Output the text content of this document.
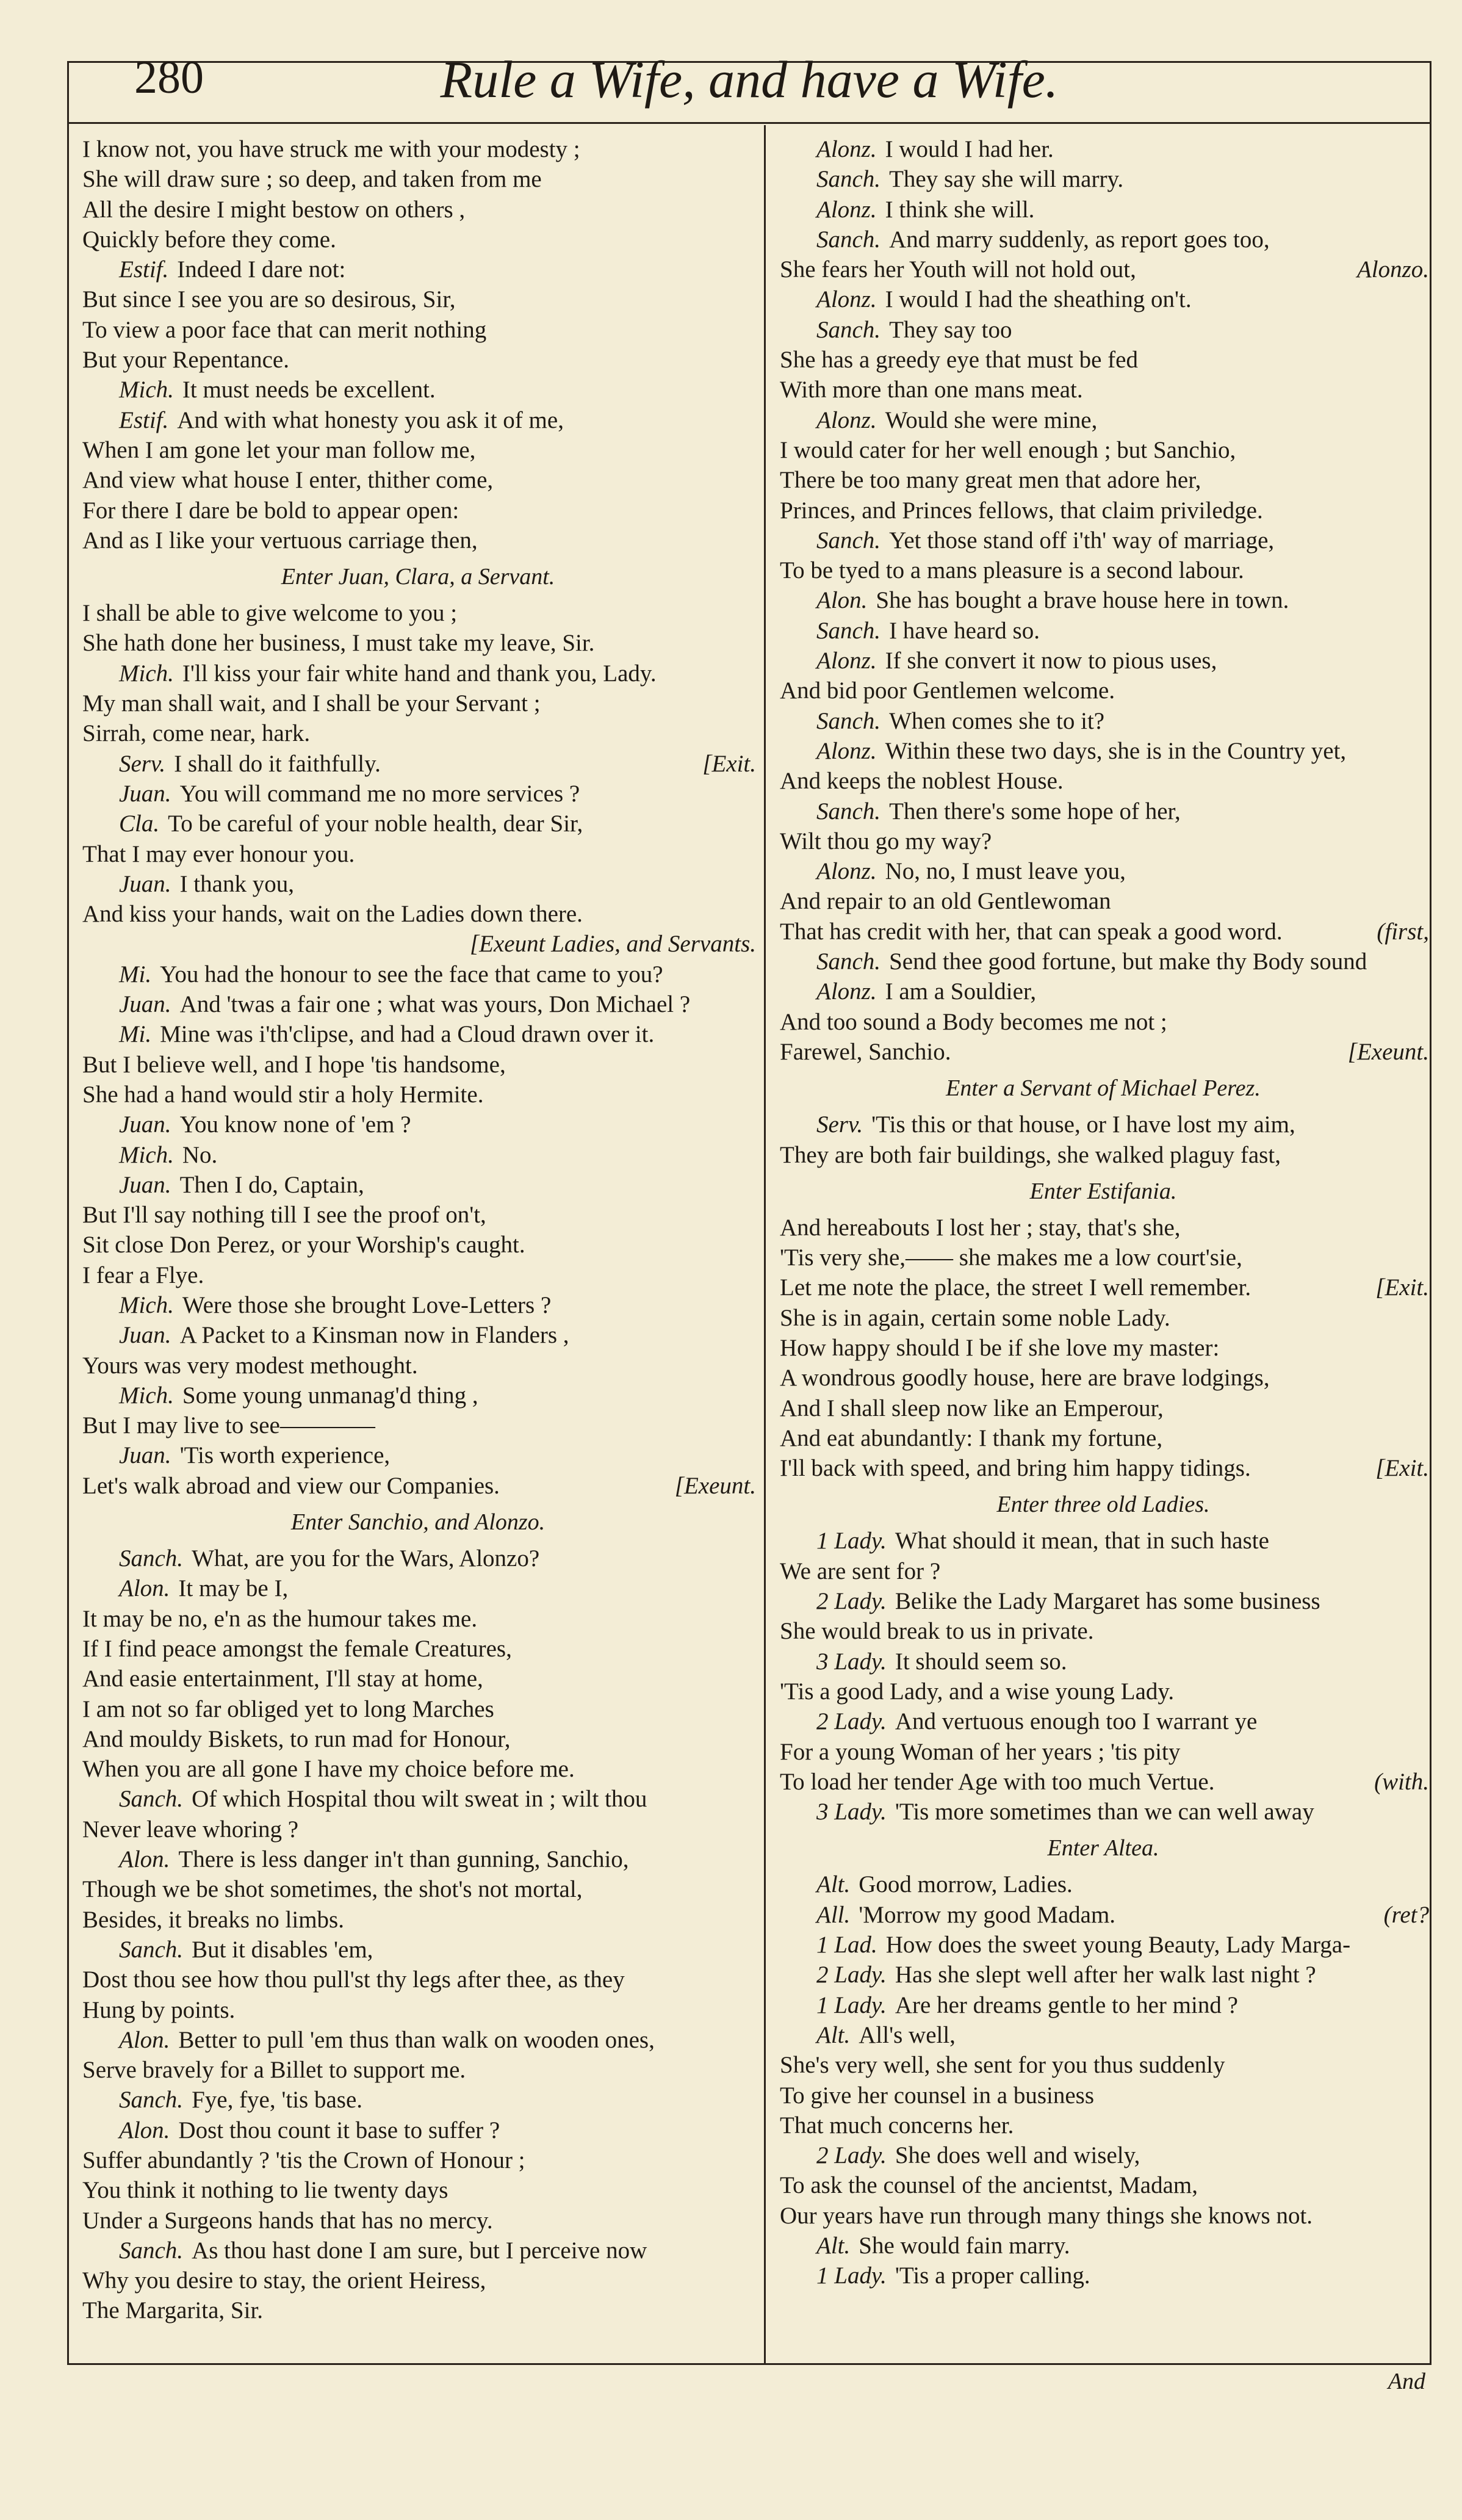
280	Rule a Wife, and have a Wife.
I know not, you have struck me with your modesty ;
She will draw sure ; so deep, and taken from me
All the desire I might bestow on others ,
Quickly before they come.
Estif. Indeed I dare not:
But since I see you are so desirous, Sir,
To view a poor face that can merit nothing
But your Repentance.
Mich. It must needs be excellent.
Estif. And with what honesty you ask it of me,
When I am gone let your man follow me,
And view what house I enter, thither come,
For there I dare be bold to appear open:
And as I like your vertuous carriage then,
Enter Juan, Clara, a Servant.
I shall be able to give welcome to you ;
She hath done her business, I must take my leave, Sir.
Mich. I'll kiss your fair white hand and thank you, Lady.
My man shall wait, and I shall be your Servant ;
Sirrah, come near, hark.
Serv. I shall do it faithfully.	[Exit.
Juan. You will command me no more services ?
Cla. To be careful of your noble health, dear Sir,
That I may ever honour you.
Juan. I thank you,
And kiss your hands, wait on the Ladies down there.
[Exeunt Ladies, and Servants.
Mi. You had the honour to see the face that came to you?
Juan. And 'twas a fair one ; what was yours, Don Michael ?
Mi. Mine was i'th'clipse, and had a Cloud drawn over it.
But I believe well, and I hope 'tis handsome,
She had a hand would stir a holy Hermite.
Juan. You know none of 'em ?
Mich. No.
Juan. Then I do, Captain,
But I'll say nothing till I see the proof on't,
Sit close Don Perez, or your Worship's caught.
I fear a Flye.
Mich. Were those she brought Love-Letters ?
Juan. A Packet to a Kinsman now in Flanders ,
Yours was very modest methought.
Mich. Some young unmanag'd thing ,
But I may live to see————
Juan. 'Tis worth experience,
Let's walk abroad and view our Companies.	[Exeunt.
Enter Sanchio, and Alonzo.
Sanch. What, are you for the Wars, Alonzo?
Alon. It may be I,
It may be no, e'n as the humour takes me.
If I find peace amongst the female Creatures,
And easie entertainment, I'll stay at home,
I am not so far obliged yet to long Marches
And mouldy Biskets, to run mad for Honour,
When you are all gone I have my choice before me.
Sanch. Of which Hospital thou wilt sweat in ; wilt thou
Never leave whoring ?
Alon. There is less danger in't than gunning, Sanchio,
Though we be shot sometimes, the shot's not mortal,
Besides, it breaks no limbs.
Sanch. But it disables 'em,
Dost thou see how thou pull'st thy legs after thee, as they
Hung by points.
Alon. Better to pull 'em thus than walk on wooden ones,
Serve bravely for a Billet to support me.
Sanch. Fye, fye, 'tis base.
Alon. Dost thou count it base to suffer ?
Suffer abundantly ? 'tis the Crown of Honour ;
You think it nothing to lie twenty days
Under a Surgeons hands that has no mercy.
Sanch. As thou hast done I am sure, but I perceive now
Why you desire to stay, the orient Heiress,
The Margarita, Sir.
Alonz. I would I had her.
Sanch. They say she will marry.
Alonz. I think she will.
Sanch. And marry suddenly, as report goes too,
She fears her Youth will not hold out,	Alonzo.
Alonz. I would I had the sheathing on't.
Sanch. They say too
She has a greedy eye that must be fed
With more than one mans meat.
Alonz. Would she were mine,
I would cater for her well enough ; but Sanchio,
There be too many great men that adore her,
Princes, and Princes fellows, that claim priviledge.
Sanch. Yet those stand off i'th' way of marriage,
To be tyed to a mans pleasure is a second labour.
Alon. She has bought a brave house here in town.
Sanch. I have heard so.
Alonz. If she convert it now to pious uses,
And bid poor Gentlemen welcome.
Sanch. When comes she to it?
Alonz. Within these two days, she is in the Country yet,
And keeps the noblest House.
Sanch. Then there's some hope of her,
Wilt thou go my way?
Alonz. No, no, I must leave you,
And repair to an old Gentlewoman
That has credit with her, that can speak a good word.	(first,
Sanch. Send thee good fortune, but make thy Body sound
Alonz. I am a Souldier,
And too sound a Body becomes me not ;
Farewel, Sanchio.	[Exeunt.
Enter a Servant of Michael Perez.
Serv. 'Tis this or that house, or I have lost my aim,
They are both fair buildings, she walked plaguy fast,
Enter Estifania.
And hereabouts I lost her ; stay, that's she,
'Tis very she,—— she makes me a low court'sie,
Let me note the place, the street I well remember.	[Exit.
She is in again, certain some noble Lady.
How happy should I be if she love my master:
A wondrous goodly house, here are brave lodgings,
And I shall sleep now like an Emperour,
And eat abundantly: I thank my fortune,
I'll back with speed, and bring him happy tidings.	[Exit.
Enter three old Ladies.
1 Lady. What should it mean, that in such haste
We are sent for ?
2 Lady. Belike the Lady Margaret has some business
She would break to us in private.
3 Lady. It should seem so.
'Tis a good Lady, and a wise young Lady.
2 Lady. And vertuous enough too I warrant ye
For a young Woman of her years ; 'tis pity
To load her tender Age with too much Vertue.	(with.
3 Lady. 'Tis more sometimes than we can well away
Enter Altea.
Alt. Good morrow, Ladies.
All. 'Morrow my good Madam.	(ret?
1 Lad. How does the sweet young Beauty, Lady Marga-
2 Lady. Has she slept well after her walk last night ?
1 Lady. Are her dreams gentle to her mind ?
Alt. All's well,
She's very well, she sent for you thus suddenly
To give her counsel in a business
That much concerns her.
2 Lady. She does well and wisely,
To ask the counsel of the ancientst, Madam,
Our years have run through many things she knows not.
Alt. She would fain marry.
1 Lady. 'Tis a proper calling.
And
